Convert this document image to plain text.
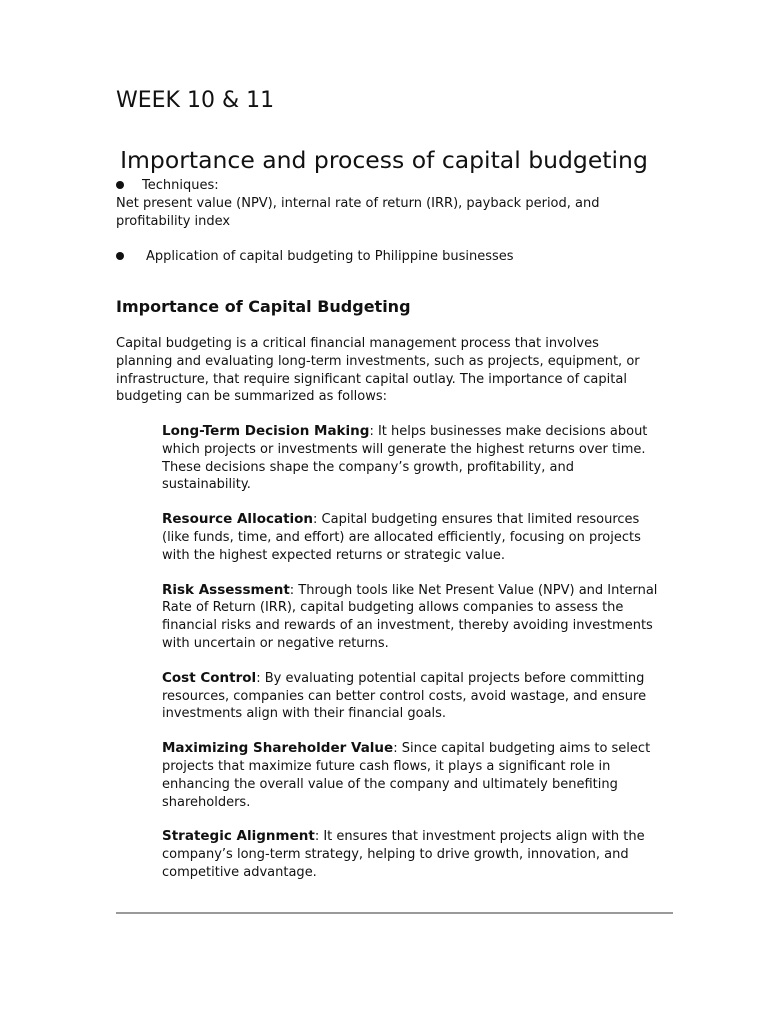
WEEK 10 & 11
Importance and process of capital budgeting
Techniques:
Net present value (NPV), internal rate of return (IRR), payback period, and profitability index
Application of capital budgeting to Philippine businesses
Importance of Capital Budgeting

Capital budgeting is a critical financial management process that involves planning and evaluating long-term investments, such as projects, equipment, or infrastructure, that require significant capital outlay. The importance of capital budgeting can be summarized as follows:

Long-Term Decision Making: It helps businesses make decisions about which projects or investments will generate the highest returns over time. These decisions shape the company’s growth, profitability, and sustainability.

Resource Allocation: Capital budgeting ensures that limited resources (like funds, time, and effort) are allocated efficiently, focusing on projects with the highest expected returns or strategic value.

Risk Assessment: Through tools like Net Present Value (NPV) and Internal Rate of Return (IRR), capital budgeting allows companies to assess the financial risks and rewards of an investment, thereby avoiding investments with uncertain or negative returns.

Cost Control: By evaluating potential capital projects before committing resources, companies can better control costs, avoid wastage, and ensure investments align with their financial goals.

Maximizing Shareholder Value: Since capital budgeting aims to select projects that maximize future cash flows, it plays a significant role in enhancing the overall value of the company and ultimately benefiting shareholders.

Strategic Alignment: It ensures that investment projects align with the company’s long-term strategy, helping to drive growth, innovation, and competitive advantage.
